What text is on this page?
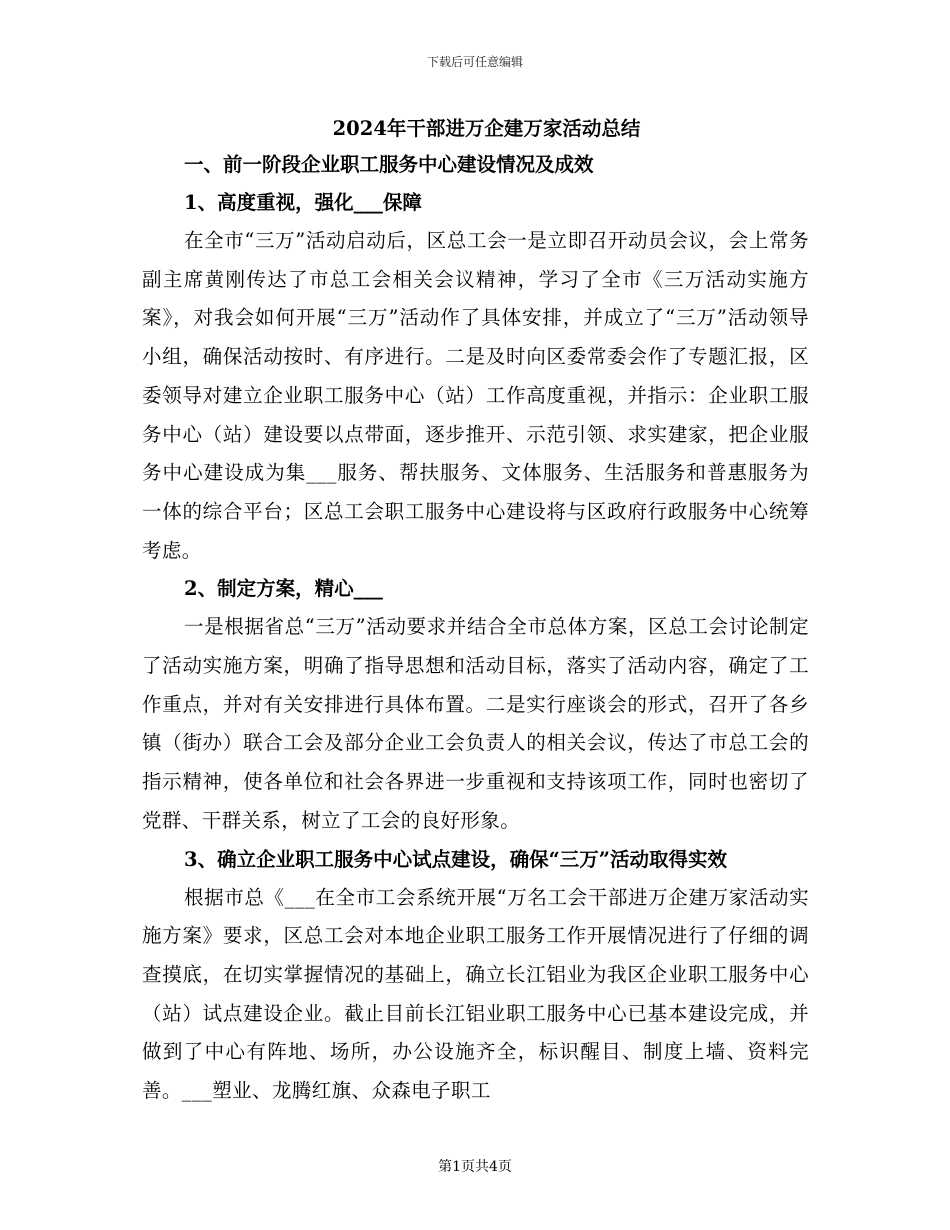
下载后可任意编辑
2024年干部进万企建万家活动总结
一、前一阶段企业职工服务中心建设情况及成效
1、高度重视，强化___保障

在全市“三万”活动启动后，区总工会一是立即召开动员会议，会上常务副主席黄刚传达了市总工会相关会议精神，学习了全市《三万活动实施方案》，对我会如何开展“三万”活动作了具体安排，并成立了“三万”活动领导小组，确保活动按时、有序进行。二是及时向区委常委会作了专题汇报，区委领导对建立企业职工服务中心（站）工作高度重视，并指示：企业职工服务中心（站）建设要以点带面，逐步推开、示范引领、求实建家，把企业服务中心建设成为集___服务、帮扶服务、文体服务、生活服务和普惠服务为一体的综合平台；区总工会职工服务中心建设将与区政府行政服务中心统筹考虑。

2、制定方案，精心___

一是根据省总“三万”活动要求并结合全市总体方案，区总工会讨论制定了活动实施方案，明确了指导思想和活动目标，落实了活动内容，确定了工作重点，并对有关安排进行具体布置。二是实行座谈会的形式，召开了各乡镇（街办）联合工会及部分企业工会负责人的相关会议，传达了市总工会的指示精神，使各单位和社会各界进一步重视和支持该项工作，同时也密切了党群、干群关系，树立了工会的良好形象。

3、确立企业职工服务中心试点建设，确保“三万”活动取得实效

根据市总《___在全市工会系统开展“万名工会干部进万企建万家活动实施方案》要求，区总工会对本地企业职工服务工作开展情况进行了仔细的调查摸底，在切实掌握情况的基础上，确立长江铝业为我区企业职工服务中心（站）试点建设企业。截止目前长江铝业职工服务中心已基本建设完成，并做到了中心有阵地、场所，办公设施齐全，标识醒目、制度上墙、资料完善。___塑业、龙腾红旗、众森电子职工

第1页共4页
